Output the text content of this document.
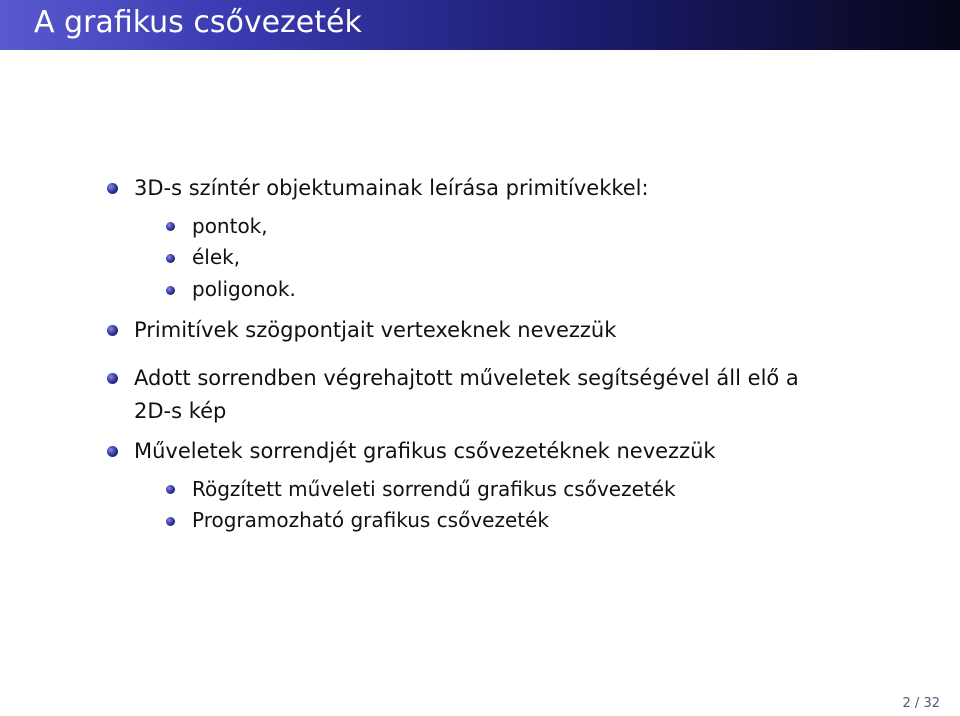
A grafikus csővezeték
3D-s színtér objektumainak leírása primitívekkel:
pontok,
élek,
poligonok.
Primitívek szögpontjait vertexeknek nevezzük
Adott sorrendben végrehajtott műveletek segítségével áll elő a
2D-s kép
Műveletek sorrendjét grafikus csővezetéknek nevezzük
Rögzített műveleti sorrendű grafikus csővezeték
Programozható grafikus csővezeték
2 / 32
